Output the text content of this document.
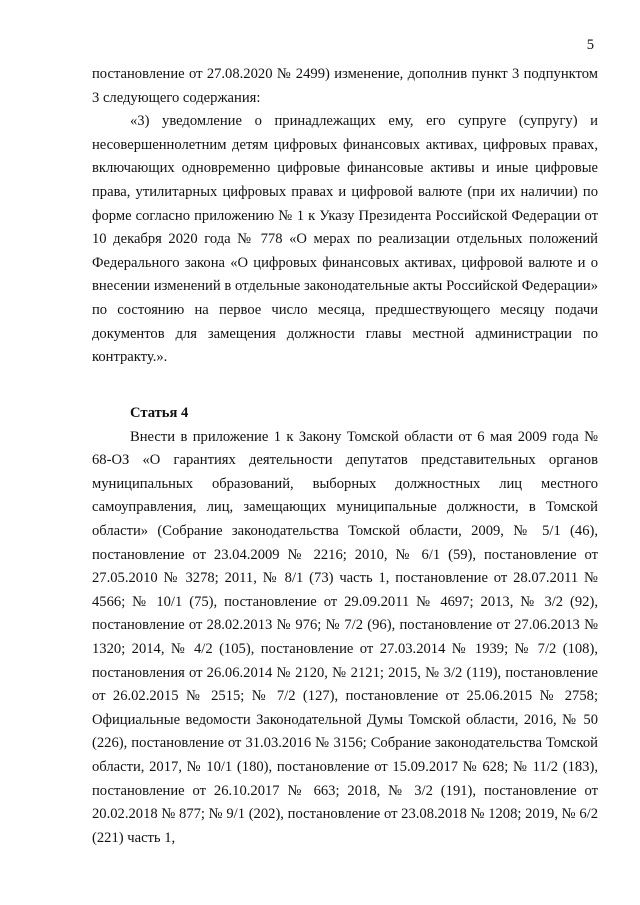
5

постановление от 27.08.2020 № 2499) изменение, дополнив пункт 3 подпунктом 3 следующего содержания:

«3) уведомление о принадлежащих ему, его супруге (супругу) и несовершеннолетним детям цифровых финансовых активах, цифровых правах, включающих одновременно цифровые финансовые активы и иные цифровые права, утилитарных цифровых правах и цифровой валюте (при их наличии) по форме согласно приложению № 1 к Указу Президента Российской Федерации от 10 декабря 2020 года № 778 «О мерах по реализации отдельных положений Федерального закона «О цифровых финансовых активах, цифровой валюте и о внесении изменений в отдельные законодательные акты Российской Федерации» по состоянию на первое число месяца, предшествующего месяцу подачи документов для замещения должности главы местной администрации по контракту.».

Статья 4

Внести в приложение 1 к Закону Томской области от 6 мая 2009 года № 68-ОЗ «О гарантиях деятельности депутатов представительных органов муниципальных образований, выборных должностных лиц местного самоуправления, лиц, замещающих муниципальные должности, в Томской области» (Собрание законодательства Томской области, 2009, № 5/1 (46), постановление от 23.04.2009 № 2216; 2010, № 6/1 (59), постановление от 27.05.2010 № 3278; 2011, № 8/1 (73) часть 1, постановление от 28.07.2011 № 4566; № 10/1 (75), постановление от 29.09.2011 № 4697; 2013, № 3/2 (92), постановление от 28.02.2013 № 976; № 7/2 (96), постановление от 27.06.2013 № 1320; 2014, № 4/2 (105), постановление от 27.03.2014 № 1939; № 7/2 (108), постановления от 26.06.2014 № 2120, № 2121; 2015, № 3/2 (119), постановление от 26.02.2015 № 2515; № 7/2 (127), постановление от 25.06.2015 № 2758; Официальные ведомости Законодательной Думы Томской области, 2016, № 50 (226), постановление от 31.03.2016 № 3156; Собрание законодательства Томской области, 2017, № 10/1 (180), постановление от 15.09.2017 № 628; № 11/2 (183), постановление от 26.10.2017 № 663; 2018, № 3/2 (191), постановление от 20.02.2018 № 877; № 9/1 (202), постановление от 23.08.2018 № 1208; 2019, № 6/2 (221) часть 1,
